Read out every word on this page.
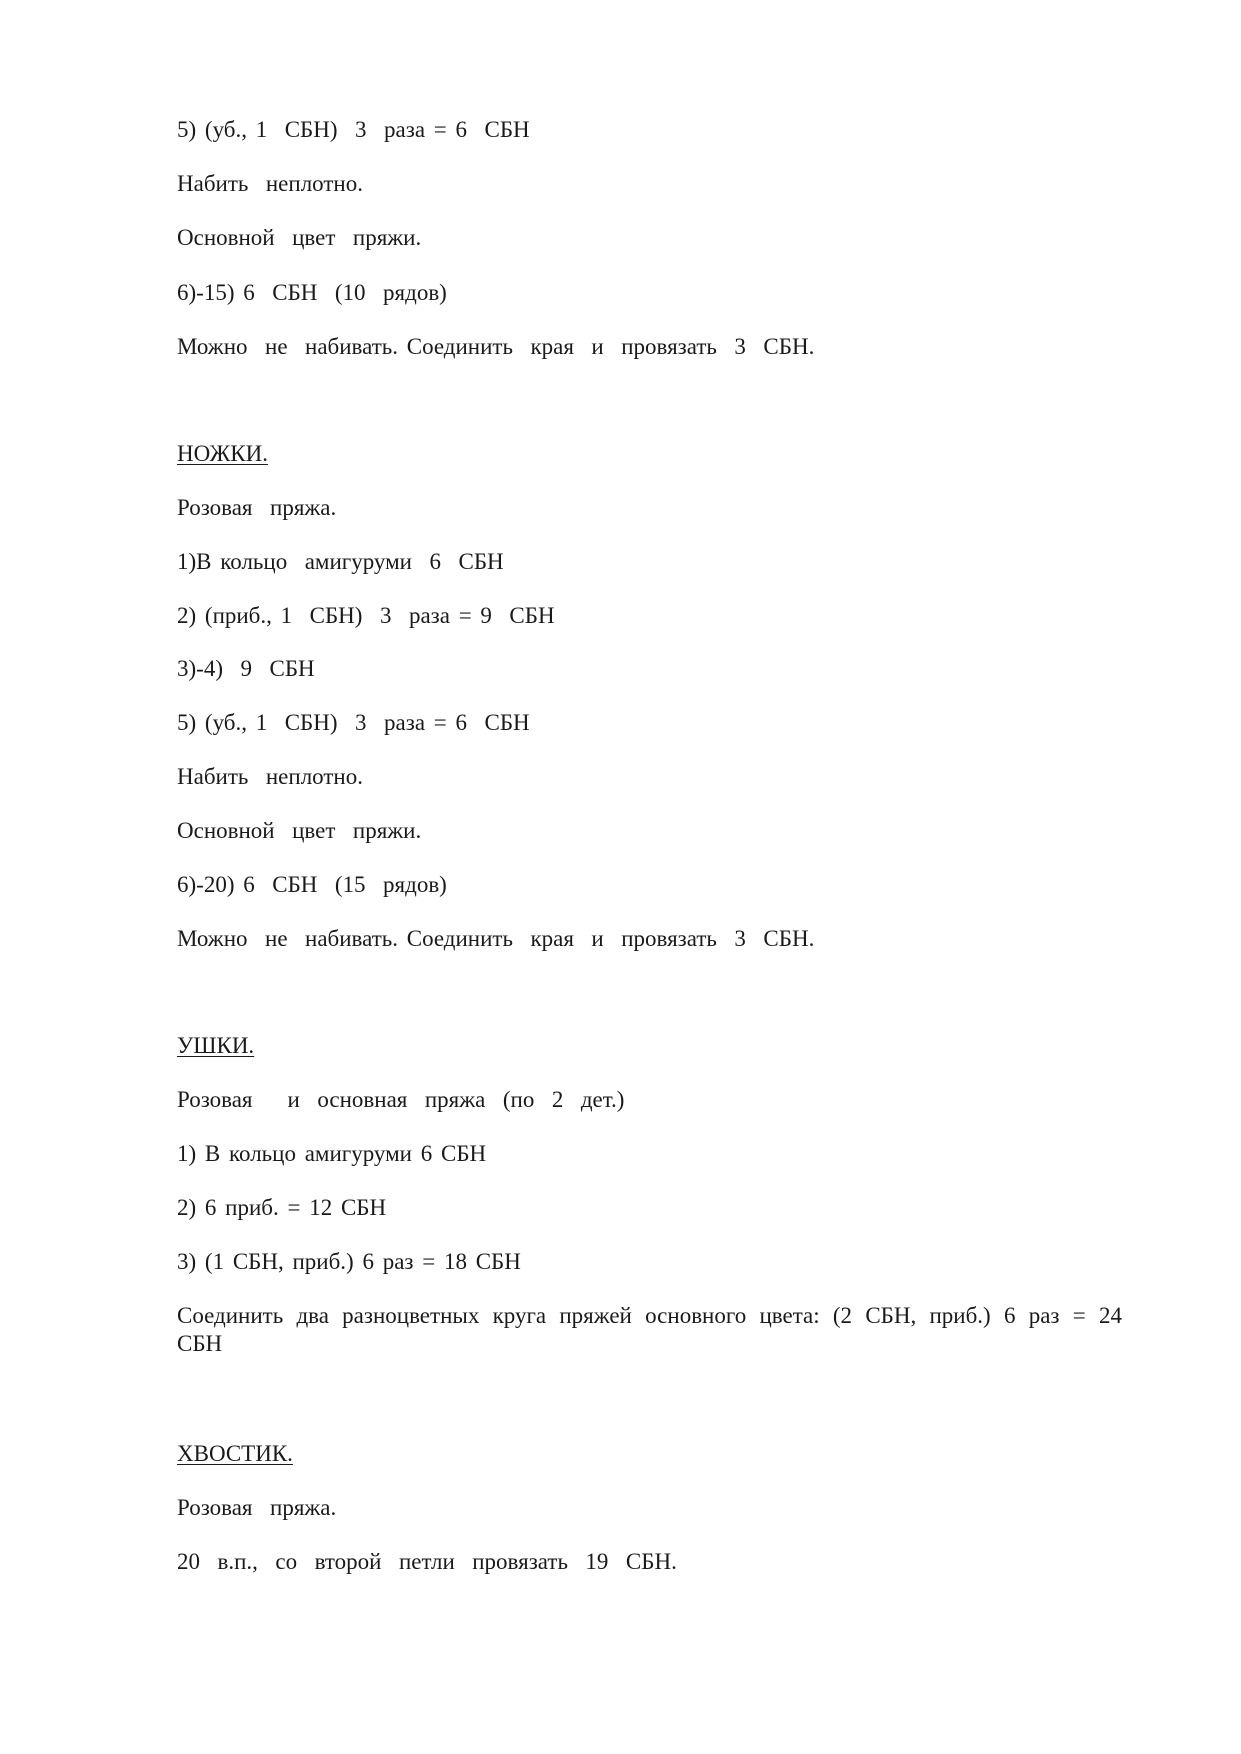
5) (уб., 1  СБН)  3  раза = 6  СБН
Набить  неплотно.
Основной  цвет  пряжи.
6)-15) 6  СБН  (10  рядов)
Можно  не  набивать. Соединить  края  и  провязать  3  СБН.
НОЖКИ.
Розовая  пряжа.
1)В кольцо  амигуруми  6  СБН
2) (приб., 1  СБН)  3  раза = 9  СБН
3)-4)  9  СБН
5) (уб., 1  СБН)  3  раза = 6  СБН
Набить  неплотно.
Основной  цвет  пряжи.
6)-20) 6  СБН  (15  рядов)
Можно  не  набивать. Соединить  края  и  провязать  3  СБН.
УШКИ.
Розовая    и  основная  пряжа  (по  2  дет.)
1) В кольцо амигуруми 6 СБН
2) 6 приб. = 12 СБН
3) (1 СБН, приб.) 6 раз = 18 СБН
Соединить два разноцветных круга пряжей основного цвета: (2 СБН, приб.) 6 раз = 24 СБН
ХВОСТИК.
Розовая  пряжа.
20  в.п.,  со  второй  петли  провязать  19  СБН.
